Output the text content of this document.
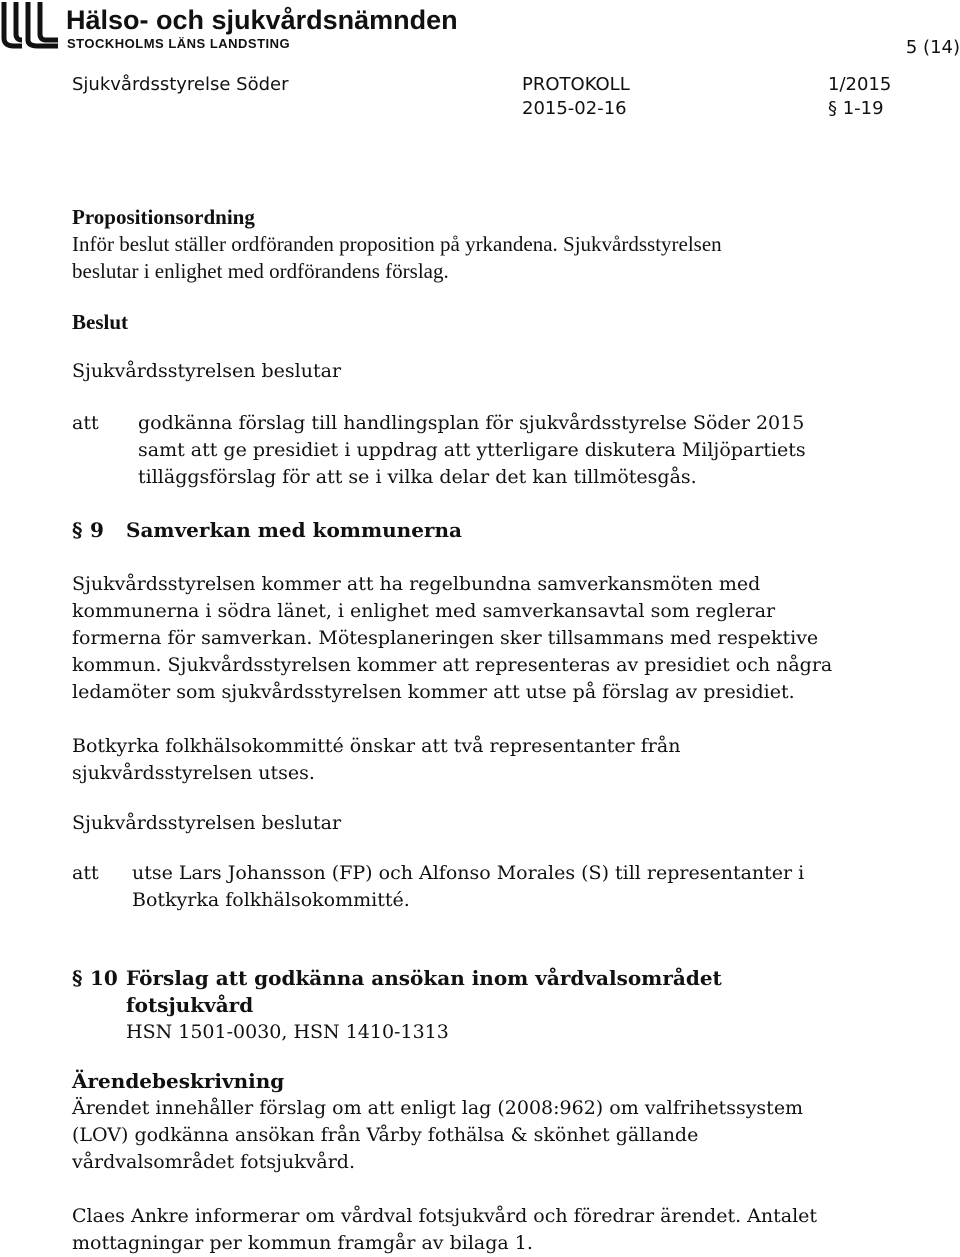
Hälso- och sjukvårdsnämnden
STOCKHOLMS LÄNS LANDSTING	5 (14)
Sjukvårdsstyrelse Söder	PROTOKOLL
2015-02-16
1/2015
§ 1-19
Propositionsordning
Inför beslut ställer ordföranden proposition på yrkandena. Sjukvårdsstyrelsen
beslutar i enlighet med ordförandens förslag.
Beslut
Sjukvårdsstyrelsen beslutar
att godkänna förslag till handlingsplan för sjukvårdsstyrelse Söder 2015
samt att ge presidiet i uppdrag att ytterligare diskutera Miljöpartiets
tilläggsförslag för att se i vilka delar det kan tillmötesgås.
§ 9 Samverkan med kommunerna
Sjukvårdsstyrelsen kommer att ha regelbundna samverkansmöten med
kommunerna i södra länet, i enlighet med samverkansavtal som reglerar
formerna för samverkan. Mötesplaneringen sker tillsammans med respektive
kommun. Sjukvårdsstyrelsen kommer att representeras av presidiet och några
ledamöter som sjukvårdsstyrelsen kommer att utse på förslag av presidiet.
Botkyrka folkhälsokommitté önskar att två representanter från
sjukvårdsstyrelsen utses.
Sjukvårdsstyrelsen beslutar
att utse Lars Johansson (FP) och Alfonso Morales (S) till representanter i
Botkyrka folkhälsokommitté.
§ 10 Förslag att godkänna ansökan inom vårdvalsområdet
fotsjukvård
HSN 1501-0030, HSN 1410-1313
Ärendebeskrivning
Ärendet innehåller förslag om att enligt lag (2008:962) om valfrihetssystem
(LOV) godkänna ansökan från Vårby fothälsa & skönhet gällande
vårdvalsområdet fotsjukvård.
Claes Ankre informerar om vårdval fotsjukvård och föredrar ärendet. Antalet
mottagningar per kommun framgår av bilaga 1.
